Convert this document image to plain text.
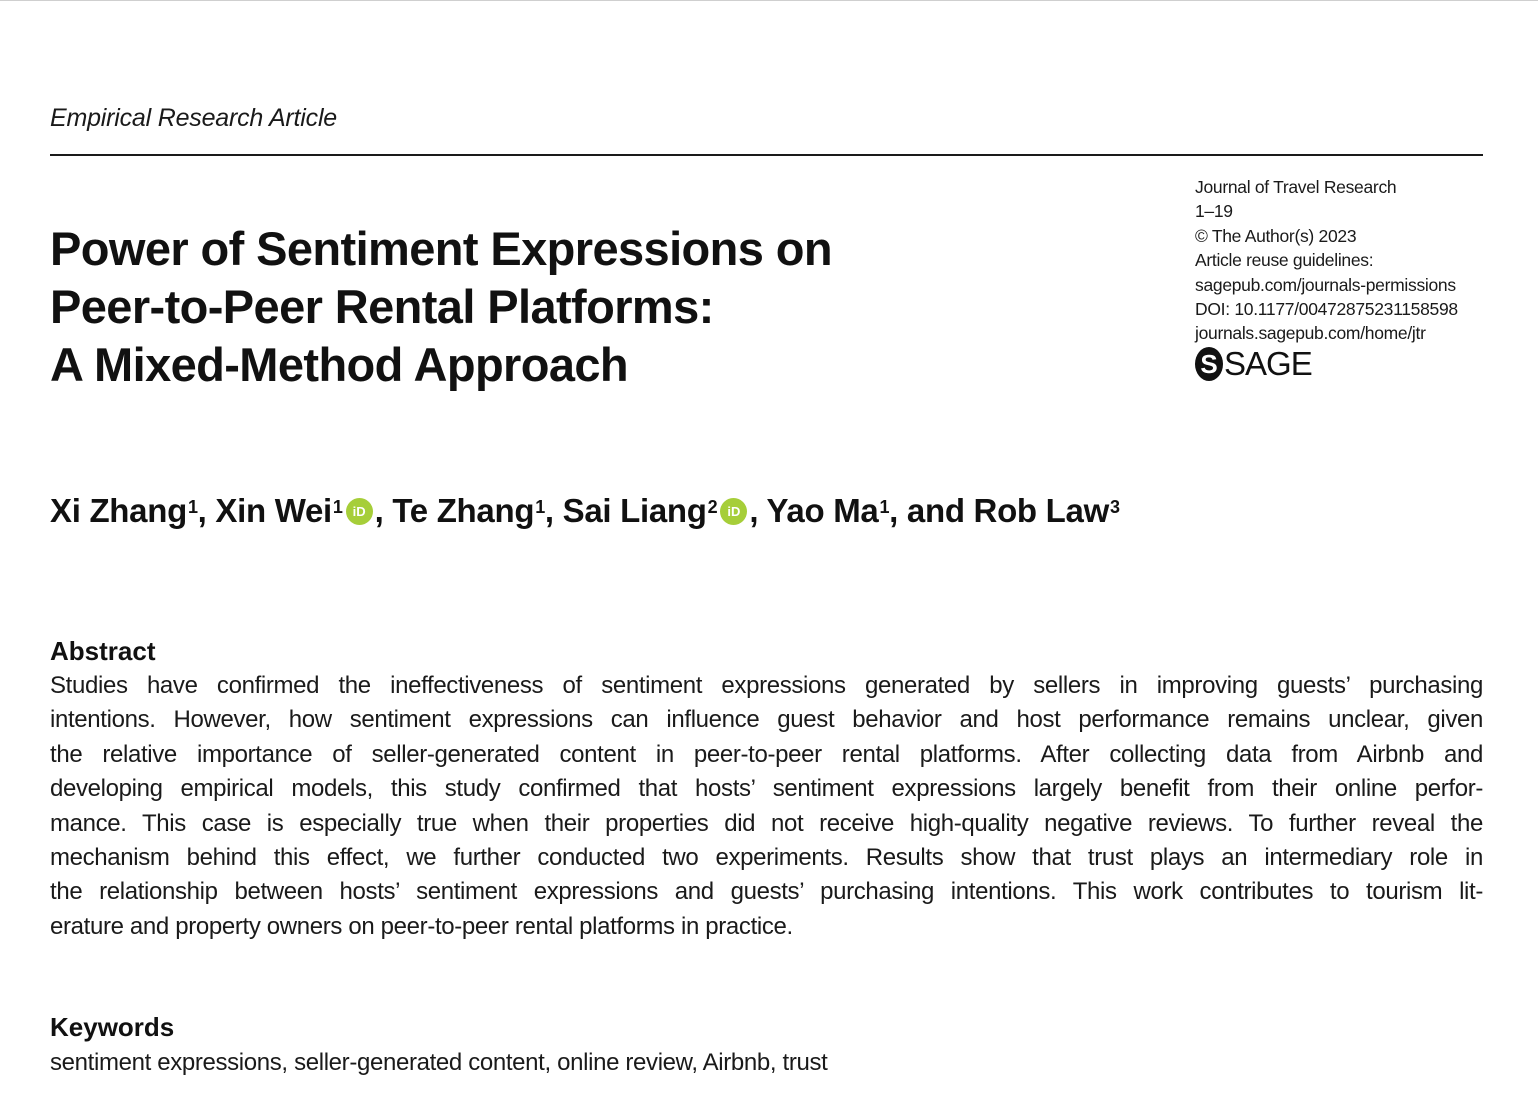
Empirical Research Article
Power of Sentiment Expressions on
Peer-to-Peer Rental Platforms:
A Mixed-Method Approach
Journal of Travel Research
1–19
© The Author(s) 2023
Article reuse guidelines:
sagepub.com/journals-permissions
DOI: 10.1177/00472875231158598
journals.sagepub.com/home/jtr
S SAGE
Xi Zhang$^1$, Xin Wei$^1$ iD , Te Zhang$^1$, Sai Liang$^2$ iD , Yao Ma$^1$, and Rob Law$^3$
Abstract

Studies have confirmed the ineffectiveness of sentiment expressions generated by sellers in improving guests’ purchasing
intentions. However, how sentiment expressions can influence guest behavior and host performance remains unclear, given
the relative importance of seller-generated content in peer-to-peer rental platforms. After collecting data from Airbnb and
developing empirical models, this study confirmed that hosts’ sentiment expressions largely benefit from their online perfor-
mance. This case is especially true when their properties did not receive high-quality negative reviews. To further reveal the
mechanism behind this effect, we further conducted two experiments. Results show that trust plays an intermediary role in
the relationship between hosts’ sentiment expressions and guests’ purchasing intentions. This work contributes to tourism lit-
erature and property owners on peer-to-peer rental platforms in practice.

Keywords
sentiment expressions, seller-generated content, online review, Airbnb, trust
